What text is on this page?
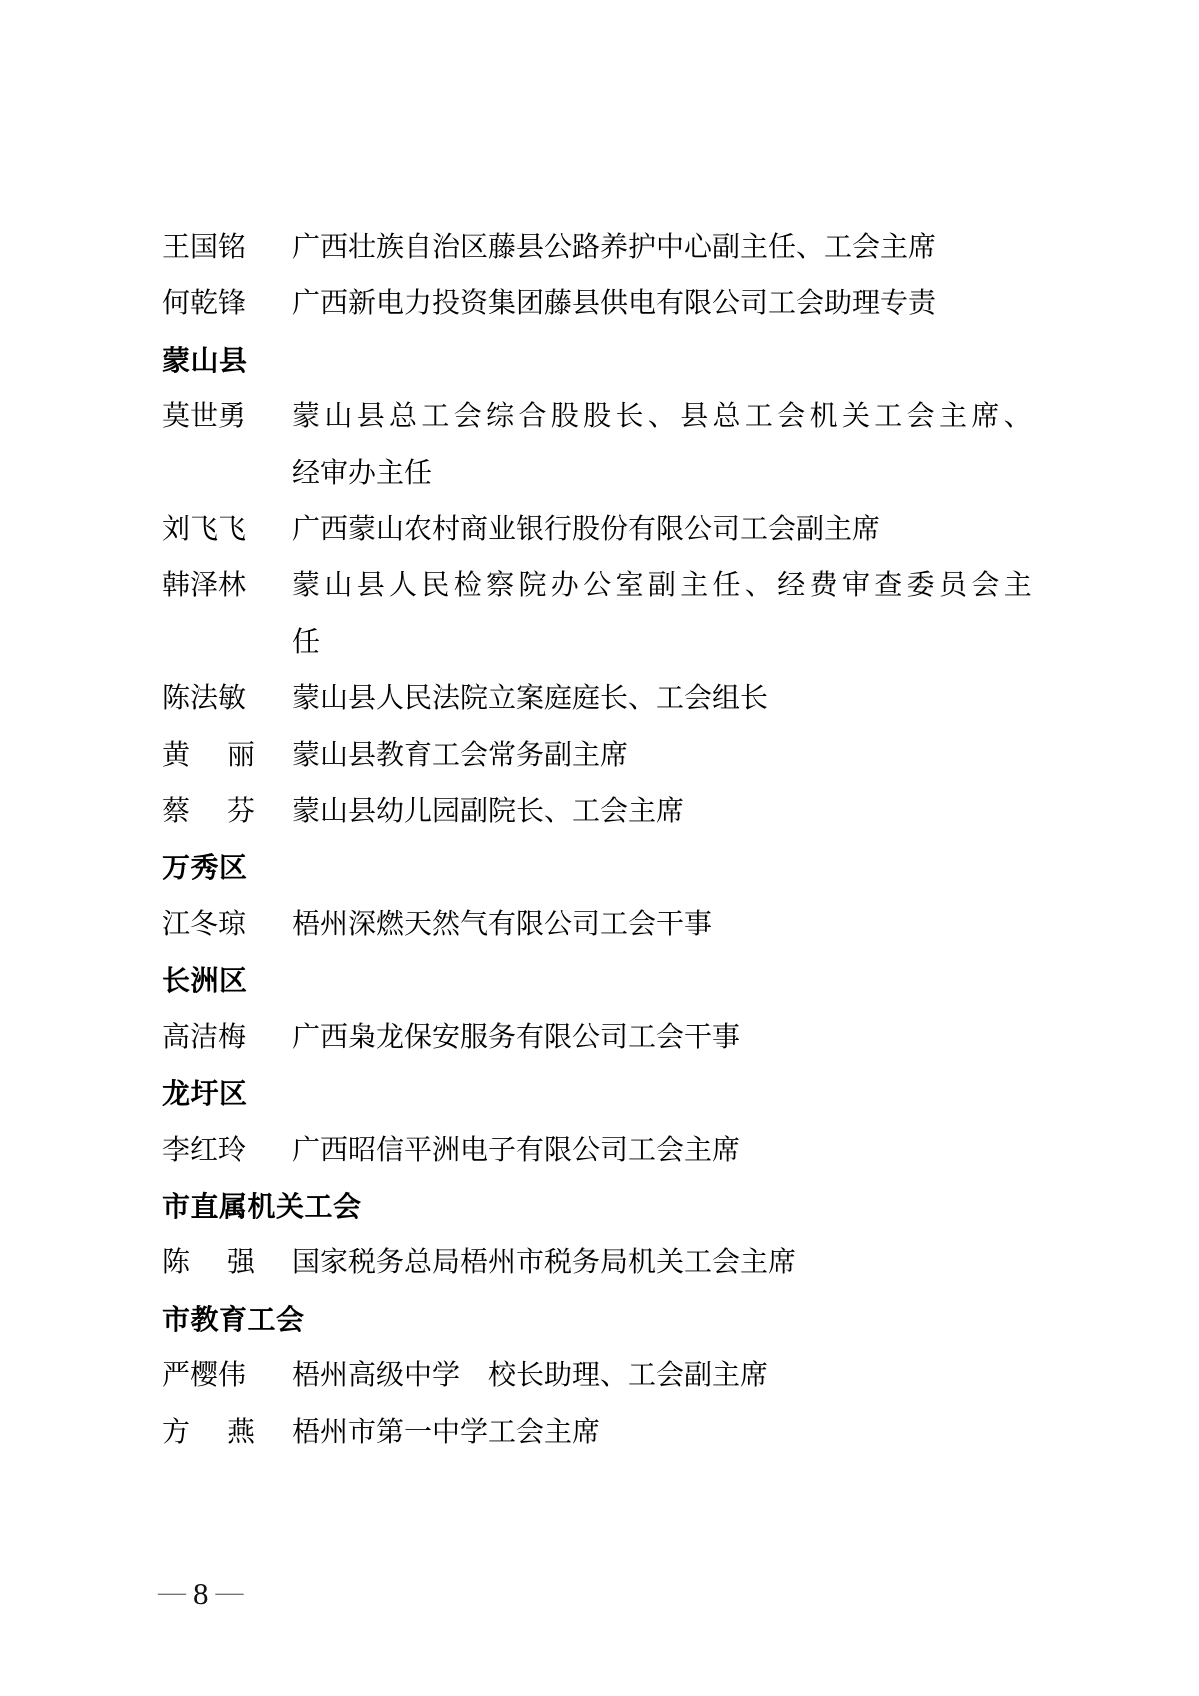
王国铭	广西壮族自治区藤县公路养护中心副主任、工会主席
何乾锋	广西新电力投资集团藤县供电有限公司工会助理专责
蒙山县
莫世勇	蒙山县总工会综合股股长、县总工会机关工会主席、
经审办主任
刘飞飞	广西蒙山农村商业银行股份有限公司工会副主席
韩泽林	蒙山县人民检察院办公室副主任、经费审查委员会主
任
陈法敏	蒙山县人民法院立案庭庭长、工会组长
黄 丽 蒙山县教育工会常务副主席
蔡 芬 蒙山县幼儿园副院长、工会主席
万秀区
江冬琼	梧州深燃天然气有限公司工会干事
长洲区
高洁梅	广西枭龙保安服务有限公司工会干事
龙圩区
李红玲	广西昭信平洲电子有限公司工会主席
市直属机关工会
陈 强 国家税务总局梧州市税务局机关工会主席
市教育工会
严樱伟	梧州高级中学　校长助理、工会副主席
方 燕 梧州市第一中学工会主席
— 8 —
